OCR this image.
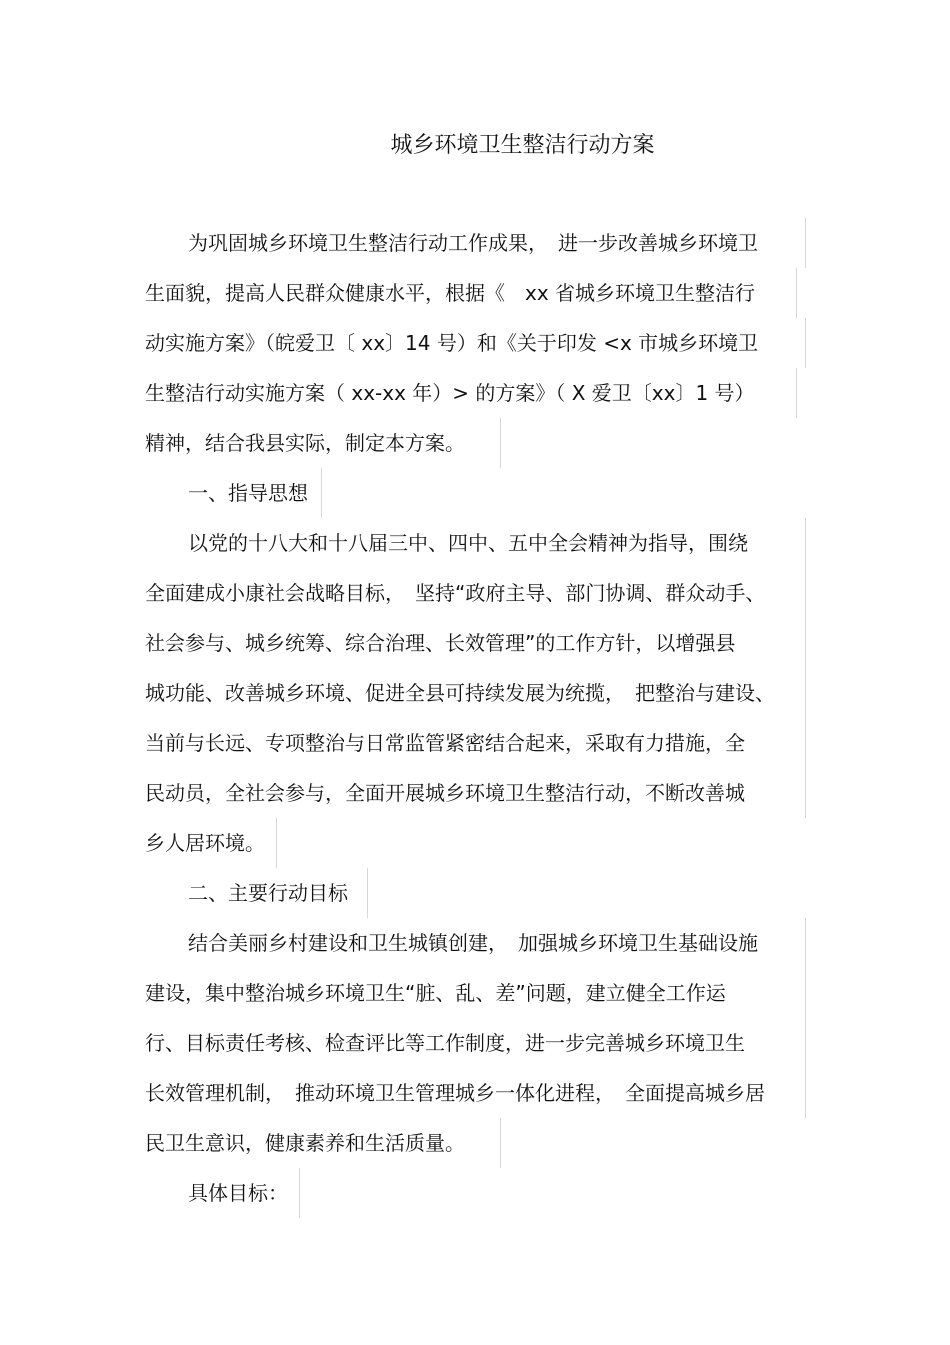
城乡环境卫生整洁行动方案
为巩固城乡环境卫生整洁行动工作成果，　进一步改善城乡环境卫
生面貌，提高人民群众健康水平，根据《　xx 省城乡环境卫生整洁行
动实施方案》（皖爱卫〔 xx〕14 号）和《关于印发 <x 市城乡环境卫
生整洁行动实施方案（ xx-xx 年）> 的方案》（ X 爱卫〔xx〕1 号）
精神，结合我县实际，制定本方案。
一、指导思想
以党的十八大和十八届三中、四中、五中全会精神为指导，围绕
全面建成小康社会战略目标，　坚持“政府主导、部门协调、群众动手、
社会参与、城乡统筹、综合治理、长效管理”的工作方针，以增强县
城功能、改善城乡环境、促进全县可持续发展为统揽，　把整治与建设、
当前与长远、专项整治与日常监管紧密结合起来，采取有力措施，全
民动员，全社会参与，全面开展城乡环境卫生整洁行动，不断改善城
乡人居环境。
二、主要行动目标
结合美丽乡村建设和卫生城镇创建，　加强城乡环境卫生基础设施
建设，集中整治城乡环境卫生“脏、乱、差”问题，建立健全工作运
行、目标责任考核、检查评比等工作制度，进一步完善城乡环境卫生
长效管理机制，　推动环境卫生管理城乡一体化进程，　全面提高城乡居
民卫生意识，健康素养和生活质量。
具体目标：
